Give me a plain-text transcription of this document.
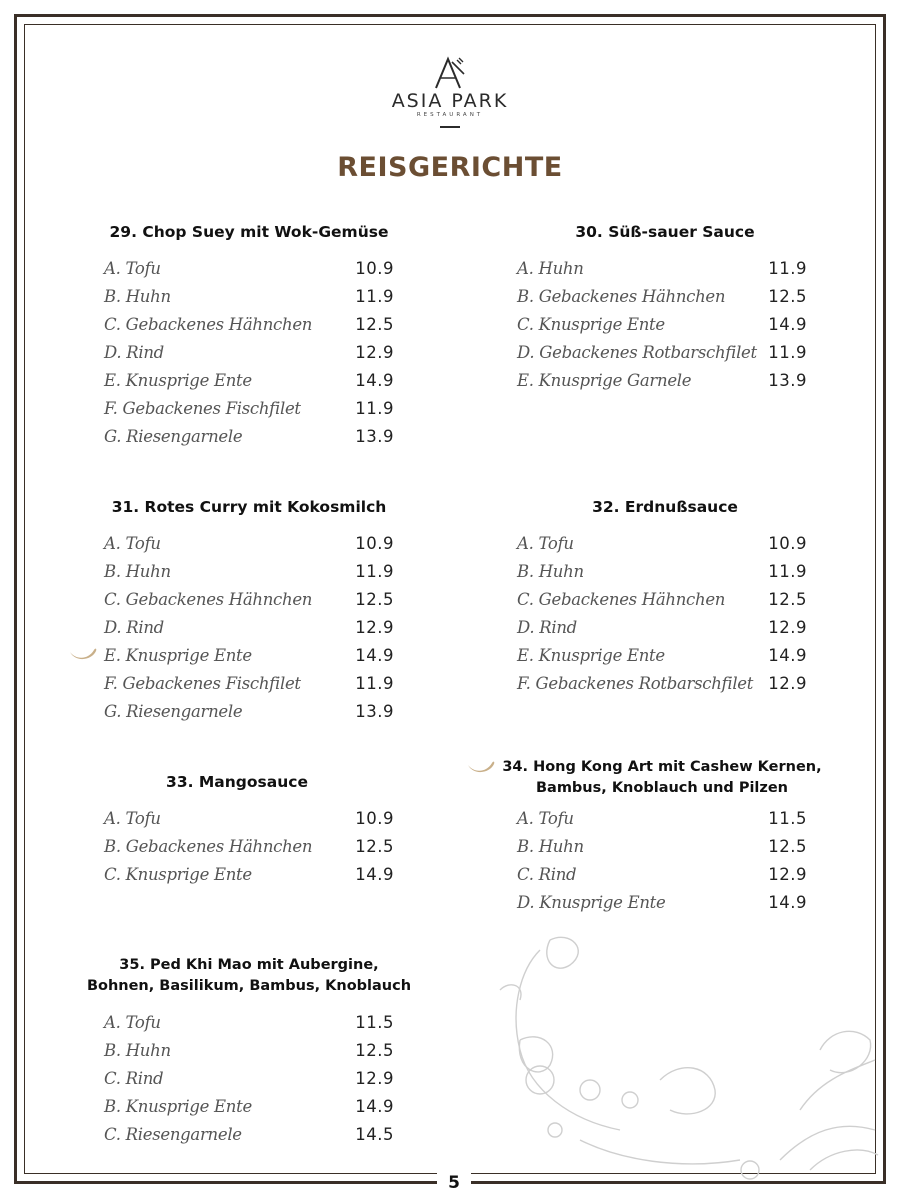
ASIA PARK
RESTAURANT
REISGERICHTE
29. Chop Suey mit Wok-Gemüse
A. Tofu	10.9
B. Huhn	11.9
C. Gebackenes Hähnchen	12.5
D. Rind	12.9
E. Knusprige Ente	14.9
F. Gebackenes Fischfilet	11.9
G. Riesengarnele	13.9
30. Süß-sauer Sauce
A. Huhn	11.9
B. Gebackenes Hähnchen	12.5
C. Knusprige Ente	14.9
D. Gebackenes Rotbarschfilet 11.9
E. Knusprige Garnele	13.9
31. Rotes Curry mit Kokosmilch
A. Tofu	10.9
B. Huhn	11.9
C. Gebackenes Hähnchen	12.5
D. Rind	12.9
E. Knusprige Ente	14.9
F. Gebackenes Fischfilet	11.9
G. Riesengarnele	13.9
32. Erdnußsauce
A. Tofu	10.9
B. Huhn	11.9
C. Gebackenes Hähnchen	12.5
D. Rind	12.9
E. Knusprige Ente	14.9
F. Gebackenes Rotbarschfilet 12.9
33. Mangosauce
A. Tofu	10.9
B. Gebackenes Hähnchen	12.5
C. Knusprige Ente	14.9
34. Hong Kong Art mit Cashew Kernen,
Bambus, Knoblauch und Pilzen
A. Tofu	11.5
B. Huhn	12.5
C. Rind	12.9
D. Knusprige Ente	14.9
35. Ped Khi Mao mit Aubergine,
Bohnen, Basilikum, Bambus, Knoblauch
A. Tofu	11.5
B. Huhn	12.5
C. Rind	12.9
B. Knusprige Ente	14.9
C. Riesengarnele	14.5
5
